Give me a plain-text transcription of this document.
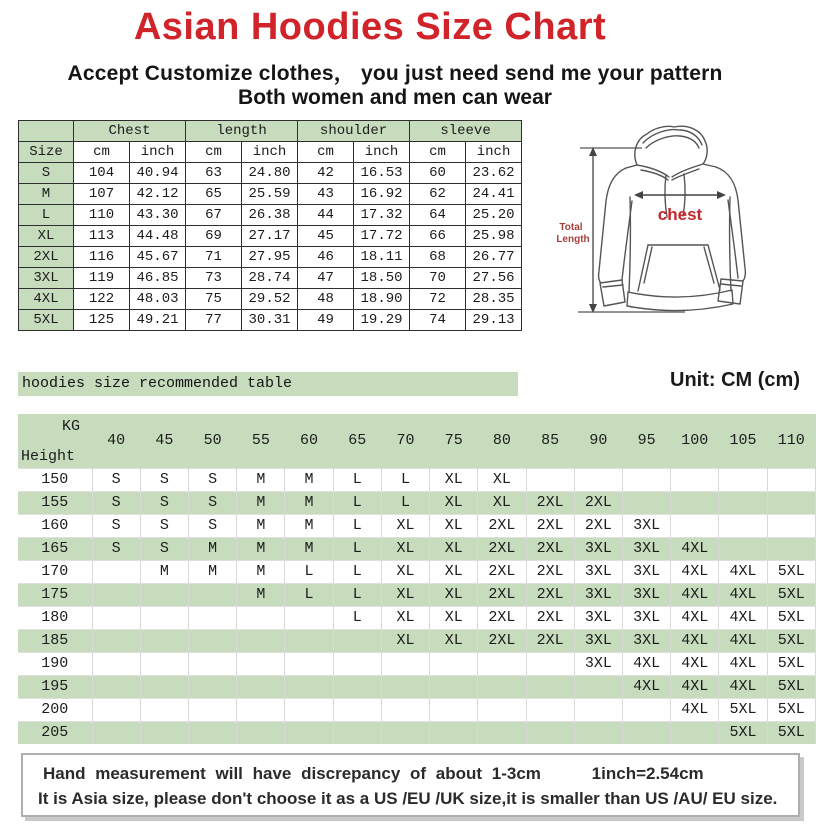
Asian Hoodies Size Chart
Accept Customize clothes， you just need send me your pattern
Both women and men can wear
	Chest		length		shoulder		sleeve	
Size	cm	inch	cm	inch	cm	inch	cm	inch
S	104	40.94	63	24.80	42	16.53	60	23.62
M	107	42.12	65	25.59	43	16.92	62	24.41
L	110	43.30	67	26.38	44	17.32	64	25.20
XL	113	44.48	69	27.17	45	17.72	66	25.98
2XL	116	45.67	71	27.95	46	18.11	68	26.77
3XL	119	46.85	73	28.74	47	18.50	70	27.56
4XL	122	48.03	75	29.52	48	18.90	72	28.35
5XL	125	49.21	77	30.31	49	19.29	74	29.13
Total
Length
chest
hoodies size recommended table	Unit: CM (cm)
KG
Height	40	45	50	55	60	65	70	75	80	85	90	95	100	105	110
150	S	S	S	M	M	L	L	XL	XL						
155	S	S	S	M	M	L	L	XL	XL	2XL	2XL				
160	S	S	S	M	M	L	XL	XL	2XL	2XL	2XL	3XL			
165	S	S	M	M	M	L	XL	XL	2XL	2XL	3XL	3XL	4XL		
170		M	M	M	L	L	XL	XL	2XL	2XL	3XL	3XL	4XL	4XL	5XL
175				M	L	L	XL	XL	2XL	2XL	3XL	3XL	4XL	4XL	5XL
180						L	XL	XL	2XL	2XL	3XL	3XL	4XL	4XL	5XL
185							XL	XL	2XL	2XL	3XL	3XL	4XL	4XL	5XL
190											3XL	4XL	4XL	4XL	5XL
195												4XL	4XL	4XL	5XL
200													4XL	5XL	5XL
205														5XL	5XL
Hand measurement will have discrepancy of about 1-3cm	1inch=2.54cm
It is Asia size, please don't choose it as a US /EU /UK size,it is smaller than US /AU/ EU size.
